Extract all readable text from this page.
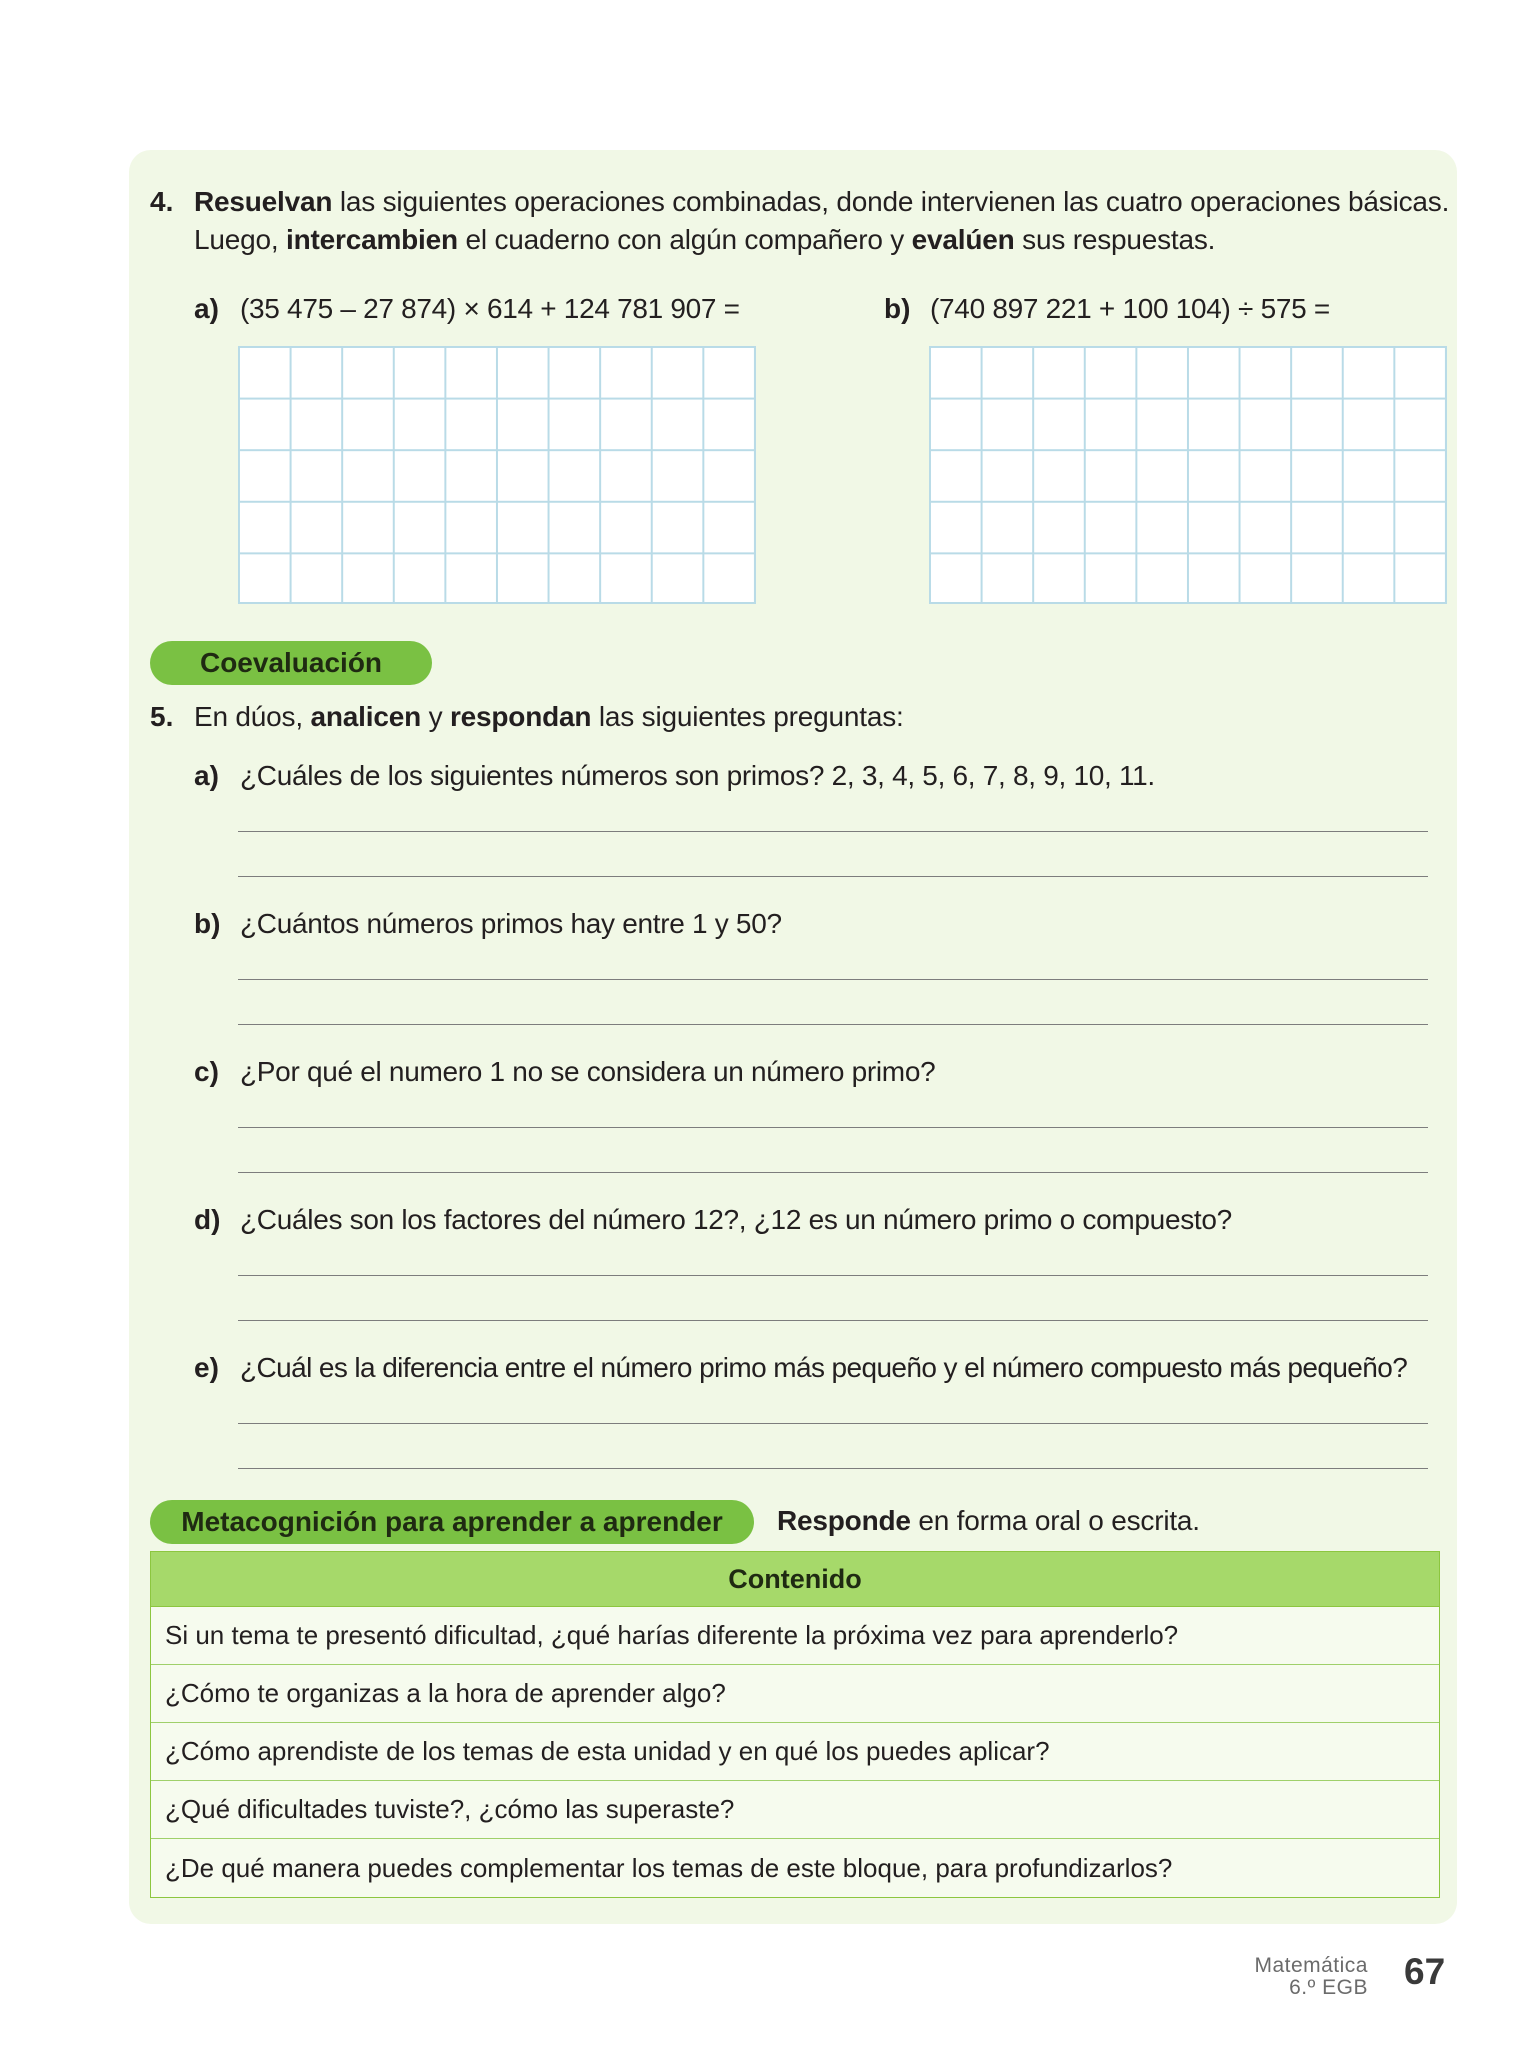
4. Resuelvan las siguientes operaciones combinadas, donde intervienen las cuatro operaciones básicas.
Luego, intercambien el cuaderno con algún compañero y evalúen sus respuestas.
a) (35 475 – 27 874) × 614 + 124 781 907 =	b) (740 897 221 + 100 104) ÷ 575 =
Coevaluación
5. En dúos, analicen y respondan las siguientes preguntas:
a) ¿Cuáles de los siguientes números son primos? 2, 3, 4, 5, 6, 7, 8, 9, 10, 11.
b) ¿Cuántos números primos hay entre 1 y 50?
c) ¿Por qué el numero 1 no se considera un número primo?
d) ¿Cuáles son los factores del número 12?, ¿12 es un número primo o compuesto?
e) ¿Cuál es la diferencia entre el número primo más pequeño y el número compuesto más pequeño?
Metacognición para aprender a aprender	Responde en forma oral o escrita.
Contenido
Si un tema te presentó dificultad, ¿qué harías diferente la próxima vez para aprenderlo?
¿Cómo te organizas a la hora de aprender algo?
¿Cómo aprendiste de los temas de esta unidad y en qué los puedes aplicar?
¿Qué dificultades tuviste?, ¿cómo las superaste?
¿De qué manera puedes complementar los temas de este bloque, para profundizarlos?
Matemática
6.º EGB 67
